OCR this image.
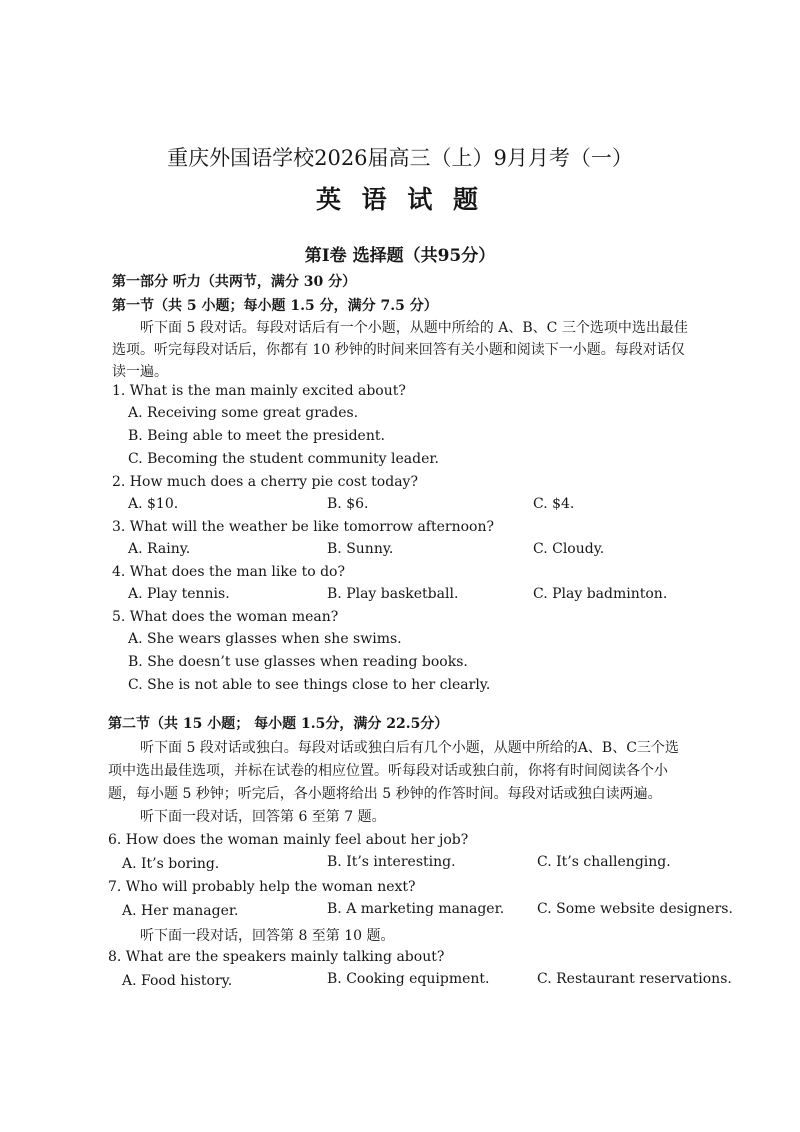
重庆外国语学校2026届高三（上）9月月考（一）
英 语 试 题
第Ⅰ卷 选择题（共95分）
第一部分 听力（共两节，满分 30 分）
第一节（共 5 小题；每小题 1.5 分，满分 7.5 分）
听下面 5 段对话。每段对话后有一个小题，从题中所给的 A、B、C 三个选项中选出最佳
选项。听完每段对话后，你都有 10 秒钟的时间来回答有关小题和阅读下一小题。每段对话仅
读一遍。
1. What is the man mainly excited about?
A. Receiving some great grades.
B. Being able to meet the president.
C. Becoming the student community leader.
2. How much does a cherry pie cost today?
A. $10.	B. $6.	C. $4.
3. What will the weather be like tomorrow afternoon?
A. Rainy.	B. Sunny.	C. Cloudy.
4. What does the man like to do?
A. Play tennis.	B. Play basketball.	C. Play badminton.
5. What does the woman mean?
A. She wears glasses when she swims.
B. She doesn’t use glasses when reading books.
C. She is not able to see things close to her clearly.
第二节（共 15 小题； 每小题 1.5分，满分 22.5分）
听下面 5 段对话或独白。每段对话或独白后有几个小题，从题中所给的A、B、C三个选
项中选出最佳选项，并标在试卷的相应位置。听每段对话或独白前，你将有时间阅读各个小
题，每小题 5 秒钟；听完后，各小题将给出 5 秒钟的作答时间。每段对话或独白读两遍。
听下面一段对话，回答第 6 至第 7 题。
6. How does the woman mainly feel about her job?
A. It’s boring.	B. It’s interesting.	C. It’s challenging.
7. Who will probably help the woman next?
A. Her manager.	B. A marketing manager. C. Some website designers.
听下面一段对话，回答第 8 至第 10 题。
8. What are the speakers mainly talking about?
A. Food history.	B. Cooking equipment.	C. Restaurant reservations.
